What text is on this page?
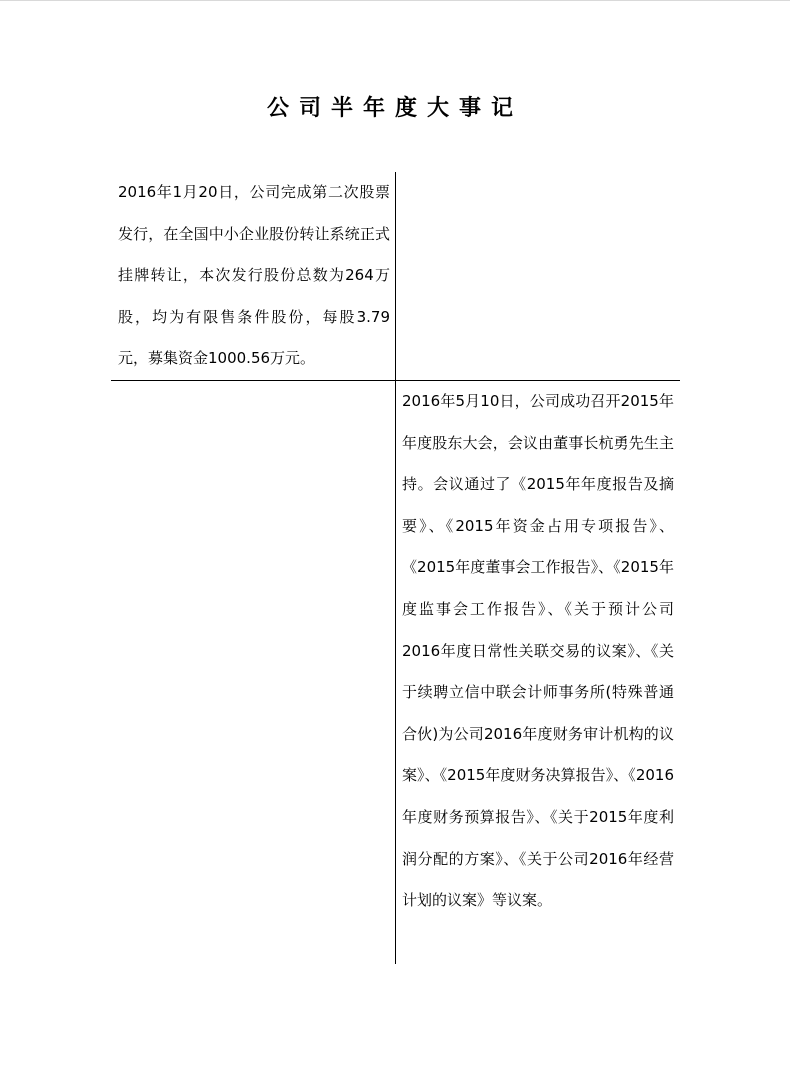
公司半年度大事记
2016年1月20日，公司完成第二次股票发行，在全国中小企业股份转让系统正式挂牌转让，本次发行股份总数为264万股，均为有限售条件股份，每股3.79元，募集资金1000.56万元。
2016年5月10日，公司成功召开2015年年度股东大会，会议由董事长杭勇先生主持。会议通过了《2015年年度报告及摘要》、《2015年资金占用专项报告》、《2015年度董事会工作报告》、《2015年度监事会工作报告》、《关于预计公司2016年度日常性关联交易的议案》、《关于续聘立信中联会计师事务所(特殊普通合伙)为公司2016年度财务审计机构的议案》、《2015年度财务决算报告》、《2016年度财务预算报告》、《关于2015年度利润分配的方案》、《关于公司2016年经营计划的议案》等议案。
